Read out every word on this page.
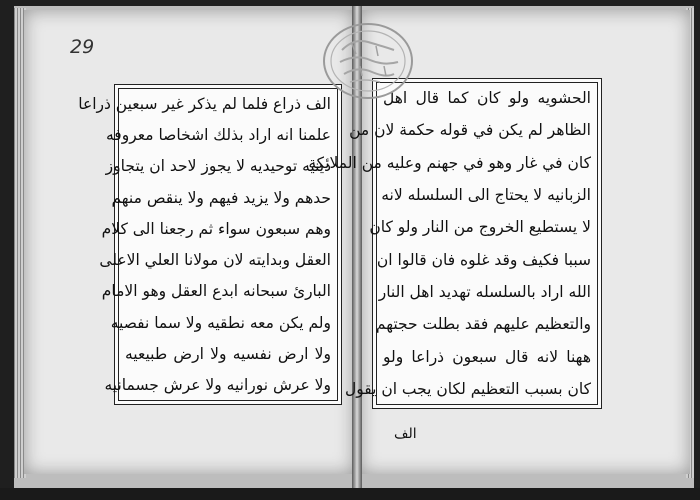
29
الف ذراع فلما لم يذكر غير سبعين ذراعا
علمنا انه اراد بذلك اشخاصا معروفه
دينيه توحيديه لا يجوز لاحد ان يتجاوز
حدهم ولا يزيد فيهم ولا ينقص منهم
وهم سبعون سواء ثم رجعنا الى كلام
العقل وبدايته لان مولانا العلي الاعلى
البارئ سبحانه ابدع العقل وهو الامام
ولم يكن معه نطقيه ولا سما نفصيه
ولا ارض نفسيه ولا ارض طبيعيه
ولا عرش نورانيه ولا عرش جسمانيه
الحشويه ولو كان كما قال اهل
الظاهر لم يكن في قوله حكمة لان من
كان في غار وهو في جهنم وعليه من الملائكة
الزبانيه لا يحتاج الى السلسله لانه
لا يستطيع الخروج من النار ولو كان
سببا فكيف وقد غلوه فان قالوا ان
الله اراد بالسلسله تهديد اهل النار
والتعظيم عليهم فقد بطلت حجتهم
ههنا لانه قال سبعون ذراعا ولو
كان بسبب التعظيم لكان يجب ان يقول
الف
